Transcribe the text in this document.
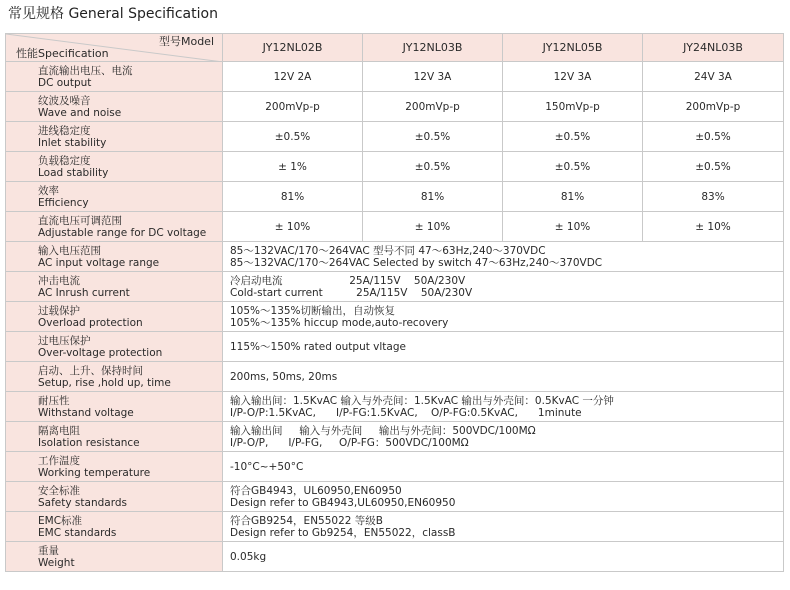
常见规格 General Specification
型号Model
性能Specification	JY12NL02B	JY12NL03B	JY12NL05B	JY24NL03B

直流输出电压、电流
DC output	12V 2A	12V 3A	12V 3A	24V 3A

纹波及噪音
Wave and noise	200mVp-p	200mVp-p	150mVp-p	200mVp-p

进线稳定度
Inlet stability	±0.5%	±0.5%	±0.5%	±0.5%

负载稳定度
Load stability	± 1%	±0.5%	±0.5%	±0.5%

效率
Efficiency	81%	81%	81%	83%

直流电压可调范围
Adjustable range for DC voltage	± 10%	± 10%	± 10%	± 10%

输入电压范围
AC input voltage range	85～132VAC/170～264VAC 型号不同 47～63Hz,240～370VDC
85～132VAC/170～264VAC Selected by switch 47～63Hz,240～370VDC			

冲击电流
AC Inrush current	冷启动电流                    25A/115V    50A/230V
Cold-start current          25A/115V    50A/230V			

过载保护
Overload protection	105%～135%切断输出，自动恢复
105%～135% hiccup mode,auto-recovery			

过电压保护
Over-voltage protection	115%～150% rated output vltage			

启动、上升、保持时间
Setup, rise ,hold up, time	200ms, 50ms, 20ms			

耐压性
Withstand voltage	输入输出间：1.5KvAC 输入与外壳间：1.5KvAC 输出与外壳间：0.5KvAC 一分钟
I/P-O/P:1.5KvAC,      I/P-FG:1.5KvAC,    O/P-FG:0.5KvAC,      1minute			

隔离电阻
Isolation resistance	输入输出间     输入与外壳间     输出与外壳间：500VDC/100MΩ
I/P-O/P,      I/P-FG,     O/P-FG：500VDC/100MΩ			

工作温度
Working temperature	-10°C~+50°C			

安全标准
Safety standards	符合GB4943，UL60950,EN60950
Design refer to GB4943,UL60950,EN60950			

EMC标准
EMC standards	符合GB9254，EN55022 等级B
Design refer to Gb9254，EN55022，classB			

重量
Weight	0.05kg			
